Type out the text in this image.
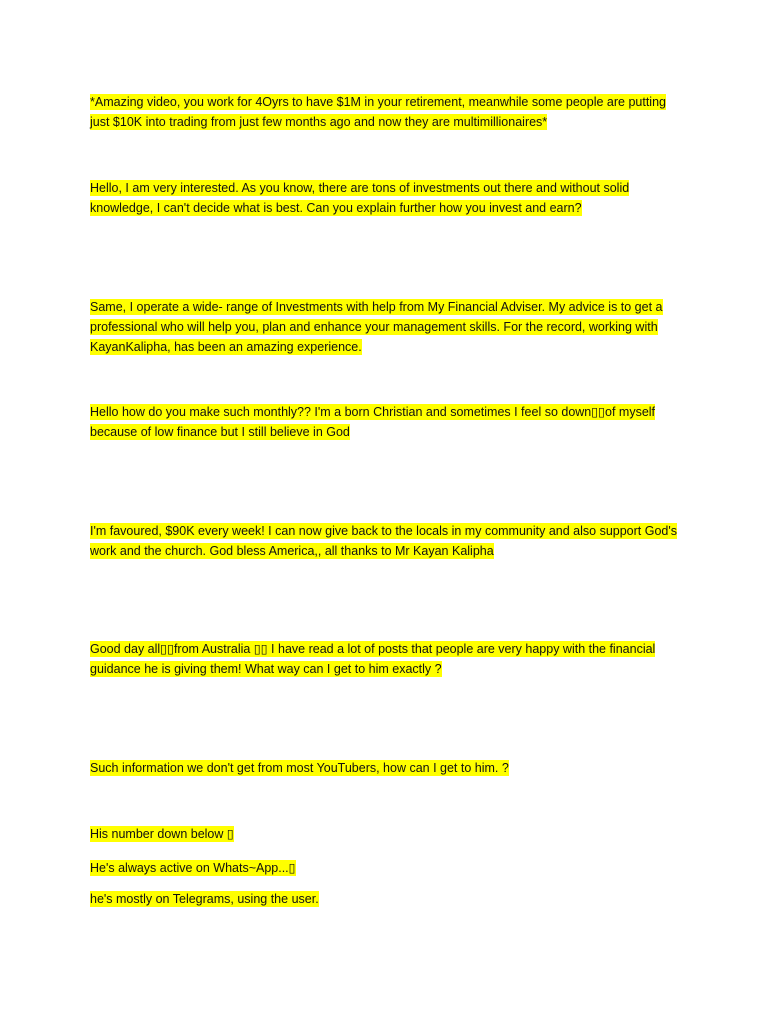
*Amazing video, you work for 4Oyrs to have $1M in your retirement, meanwhile some people are putting just $10K into trading from just few months ago and now they are multimillionaires*

Hello, I am very interested. As you know, there are tons of investments out there and without solid knowledge, I can't decide what is best. Can you explain further how you invest and earn?

Same, I operate a wide- range of Investments with help from My Financial Adviser. My advice is to get a professional who will help you, plan and enhance your management skills. For the record, working with KayanKalipha, has been an amazing experience.

Hello how do you make such monthly?? I'm a born Christian and sometimes I feel so down▯▯of myself because of low finance but I still believe in God

I'm favoured, $90K every week! I can now give back to the locals in my community and also support God's work and the church. God bless America,, all thanks to Mr Kayan Kalipha

Good day all▯▯from Australia ▯▯ I have read a lot of posts that people are very happy with the financial guidance he is giving them! What way can I get to him exactly ?

Such information we don't get from most YouTubers, how can I get to him. ?

His number down below ▯

He's always active on Whats~App...▯

he's mostly on Telegrams, using the user.
